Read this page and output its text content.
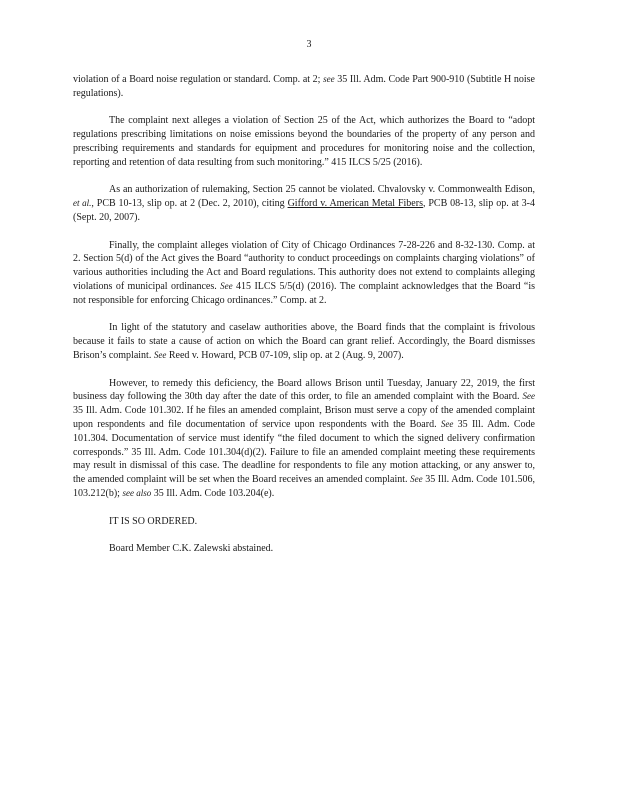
3

violation of a Board noise regulation or standard. Comp. at 2; see 35 Ill. Adm. Code Part 900-910 (Subtitle H noise regulations).

The complaint next alleges a violation of Section 25 of the Act, which authorizes the Board to “adopt regulations prescribing limitations on noise emissions beyond the boundaries of the property of any person and prescribing requirements and standards for equipment and procedures for monitoring noise and the collection, reporting and retention of data resulting from such monitoring.” 415 ILCS 5/25 (2016).

As an authorization of rulemaking, Section 25 cannot be violated. Chvalovsky v. Commonwealth Edison, et al., PCB 10-13, slip op. at 2 (Dec. 2, 2010), citing Gifford v. American Metal Fibers, PCB 08-13, slip op. at 3-4 (Sept. 20, 2007).

Finally, the complaint alleges violation of City of Chicago Ordinances 7-28-226 and 8-32-130. Comp. at 2. Section 5(d) of the Act gives the Board “authority to conduct proceedings on complaints charging violations” of various authorities including the Act and Board regulations. This authority does not extend to complaints alleging violations of municipal ordinances. See 415 ILCS 5/5(d) (2016). The complaint acknowledges that the Board “is not responsible for enforcing Chicago ordinances.” Comp. at 2.

In light of the statutory and caselaw authorities above, the Board finds that the complaint is frivolous because it fails to state a cause of action on which the Board can grant relief. Accordingly, the Board dismisses Brison’s complaint. See Reed v. Howard, PCB 07-109, slip op. at 2 (Aug. 9, 2007).

However, to remedy this deficiency, the Board allows Brison until Tuesday, January 22, 2019, the first business day following the 30th day after the date of this order, to file an amended complaint with the Board. See 35 Ill. Adm. Code 101.302. If he files an amended complaint, Brison must serve a copy of the amended complaint upon respondents and file documentation of service upon respondents with the Board. See 35 Ill. Adm. Code 101.304. Documentation of service must identify “the filed document to which the signed delivery confirmation corresponds.” 35 Ill. Adm. Code 101.304(d)(2). Failure to file an amended complaint meeting these requirements may result in dismissal of this case. The deadline for respondents to file any motion attacking, or any answer to, the amended complaint will be set when the Board receives an amended complaint. See 35 Ill. Adm. Code 101.506, 103.212(b); see also 35 Ill. Adm. Code 103.204(e).

IT IS SO ORDERED.
Board Member C.K. Zalewski abstained.
